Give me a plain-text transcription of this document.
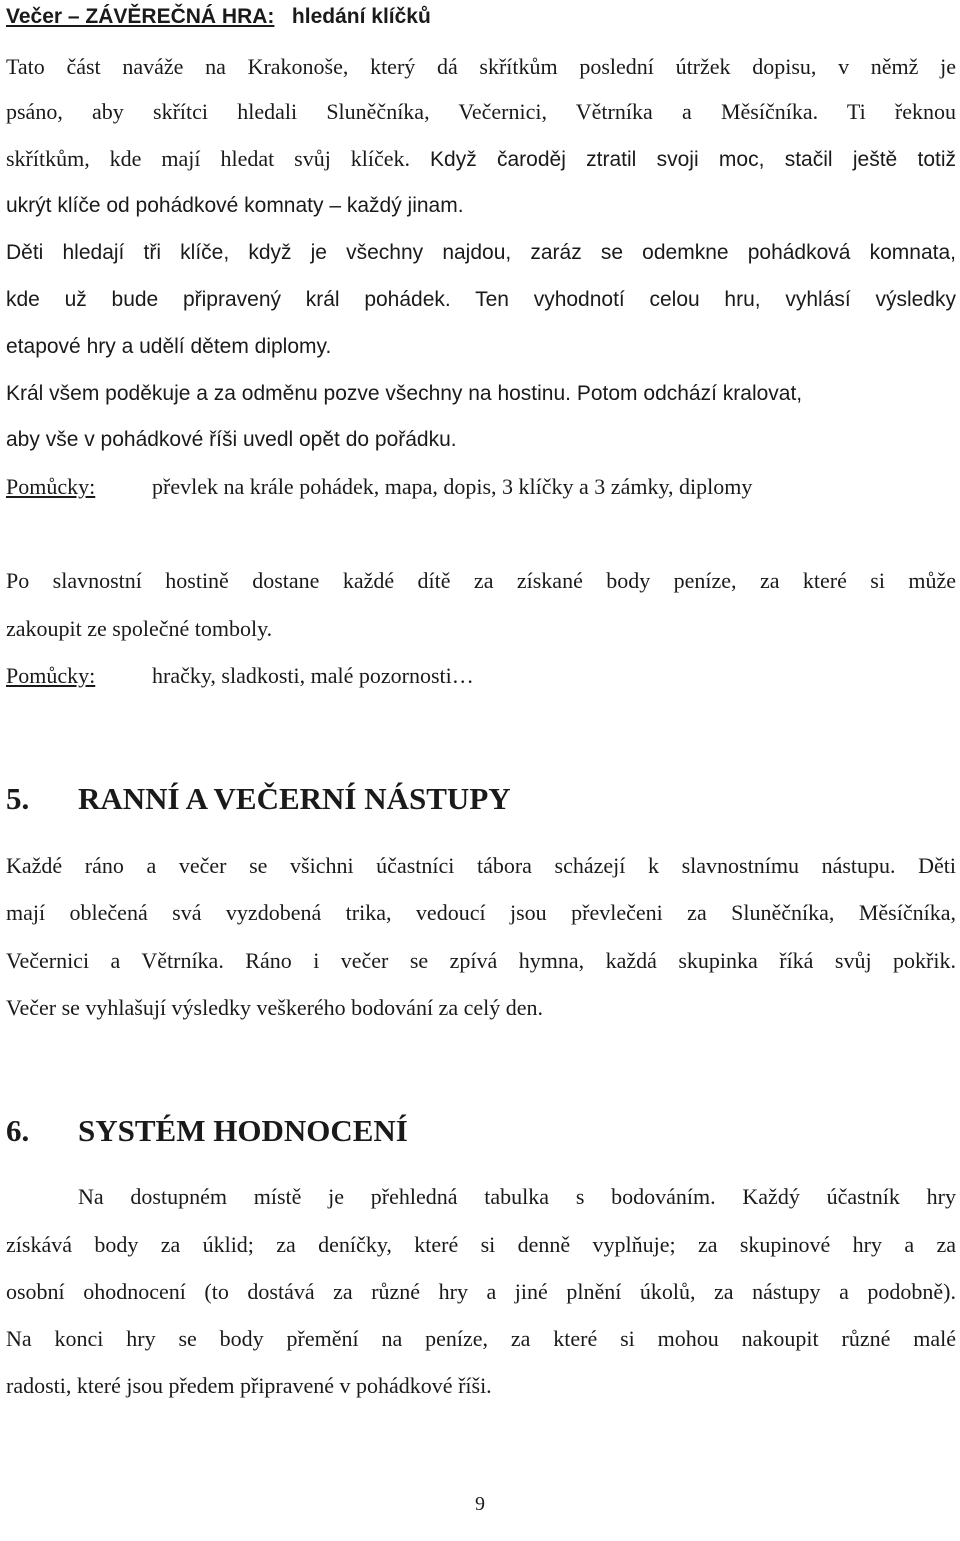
Večer – ZÁVĚREČNÁ HRA: hledání klíčků
Tato část naváže na Krakonoše, který dá skřítkům poslední útržek dopisu, v němž je
psáno, aby skřítci hledali Sluněčníka, Večernici, Větrníka a Měsíčníka. Ti řeknou
skřítkům, kde mají hledat svůj klíček. Když čaroděj ztratil svoji moc, stačil ještě totiž
ukrýt klíče od pohádkové komnaty – každý jinam.
Děti hledají tři klíče, když je všechny najdou, zaráz se odemkne pohádková komnata,
kde už bude připravený král pohádek. Ten vyhodnotí celou hru, vyhlásí výsledky
etapové hry a udělí dětem diplomy.
Král všem poděkuje a za odměnu pozve všechny na hostinu. Potom odchází kralovat,
aby vše v pohádkové říši uvedl opět do pořádku.
Pomůcky:	převlek na krále pohádek, mapa, dopis, 3 klíčky a 3 zámky, diplomy
Po slavnostní hostině dostane každé dítě za získané body peníze, za které si může
zakoupit ze společné tomboly.
Pomůcky:	hračky, sladkosti, malé pozornosti…
5. RANNÍ A VEČERNÍ NÁSTUPY
Každé ráno a večer se všichni účastníci tábora scházejí k slavnostnímu nástupu. Děti
mají oblečená svá vyzdobená trika, vedoucí jsou převlečeni za Sluněčníka, Měsíčníka,
Večernici a Větrníka. Ráno i večer se zpívá hymna, každá skupinka říká svůj pokřik.
Večer se vyhlašují výsledky veškerého bodování za celý den.
6. SYSTÉM HODNOCENÍ
Na dostupném místě je přehledná tabulka s bodováním. Každý účastník hry
získává body za úklid; za deníčky, které si denně vyplňuje; za skupinové hry a za
osobní ohodnocení (to dostává za různé hry a jiné plnění úkolů, za nástupy a podobně).
Na konci hry se body přemění na peníze, za které si mohou nakoupit různé malé
radosti, které jsou předem připravené v pohádkové říši.
9
